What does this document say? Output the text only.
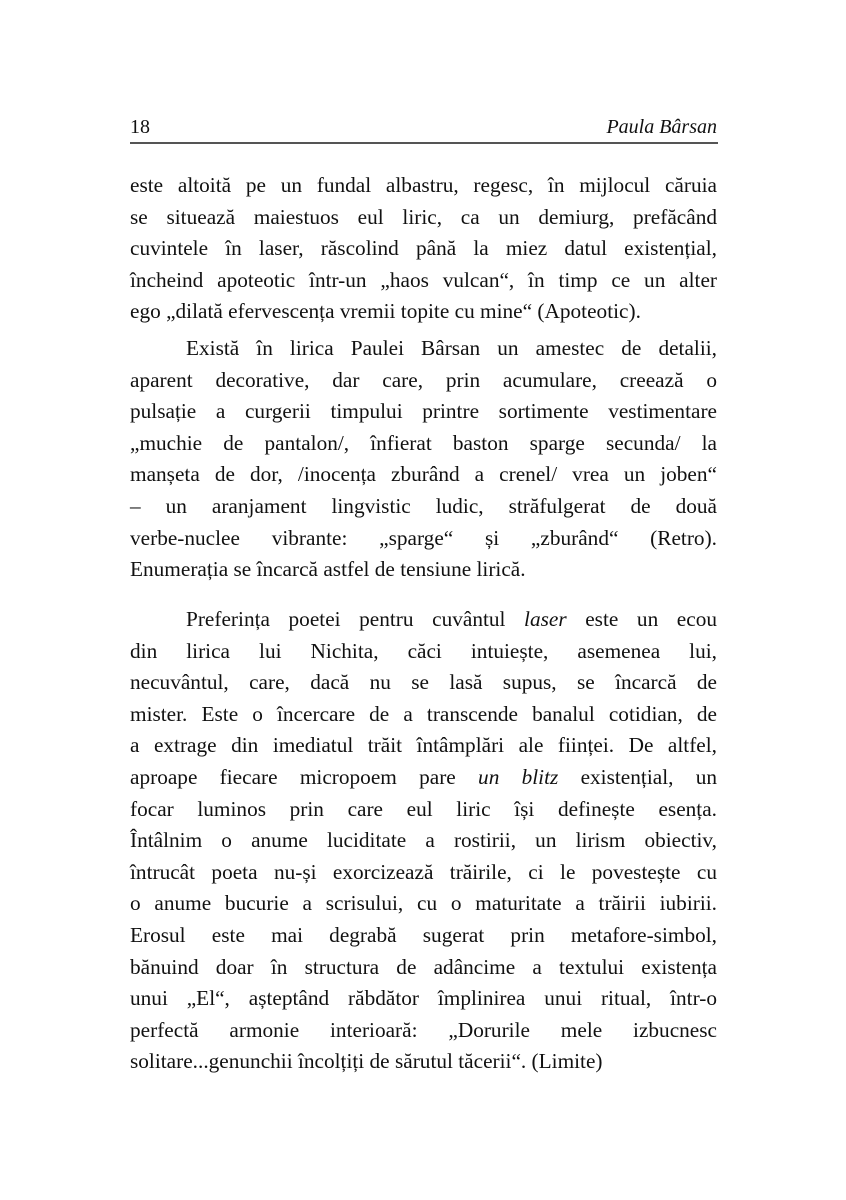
18	Paula Bârsan
este altoită pe un fundal albastru, regesc, în mijlocul căruia
se situează maiestuos eul liric, ca un demiurg, prefăcând
cuvintele în laser, răscolind până la miez datul existențial,
încheind apoteotic într-un „haos vulcan“, în timp ce un alter
ego „dilată efervescența vremii topite cu mine“ (Apoteotic).
Există în lirica Paulei Bârsan un amestec de detalii,
aparent decorative, dar care, prin acumulare, creează o
pulsație a curgerii timpului printre sortimente vestimentare
„muchie de pantalon/, înfierat baston sparge secunda/ la
manșeta de dor, /inocența zburând a crenel/ vrea un joben“
– un aranjament lingvistic ludic, străfulgerat de două
verbe-nuclee vibrante: „sparge“ și „zburând“ (Retro).
Enumerația se încarcă astfel de tensiune lirică.
Preferința poetei pentru cuvântul laser este un ecou
din lirica lui Nichita, căci intuiește, asemenea lui,
necuvântul, care, dacă nu se lasă supus, se încarcă de
mister. Este o încercare de a transcende banalul cotidian, de
a extrage din imediatul trăit întâmplări ale ființei. De altfel,
aproape fiecare micropoem pare un blitz existențial, un
focar luminos prin care eul liric își definește esența.
Întâlnim o anume luciditate a rostirii, un lirism obiectiv,
întrucât poeta nu-și exorcizează trăirile, ci le povestește cu
o anume bucurie a scrisului, cu o maturitate a trăirii iubirii.
Erosul este mai degrabă sugerat prin metafore-simbol,
bănuind doar în structura de adâncime a textului existența
unui „El“, așteptând răbdător împlinirea unui ritual, într-o
perfectă armonie interioară: „Dorurile mele izbucnesc
solitare...genunchii încolțiți de sărutul tăcerii“. (Limite)
